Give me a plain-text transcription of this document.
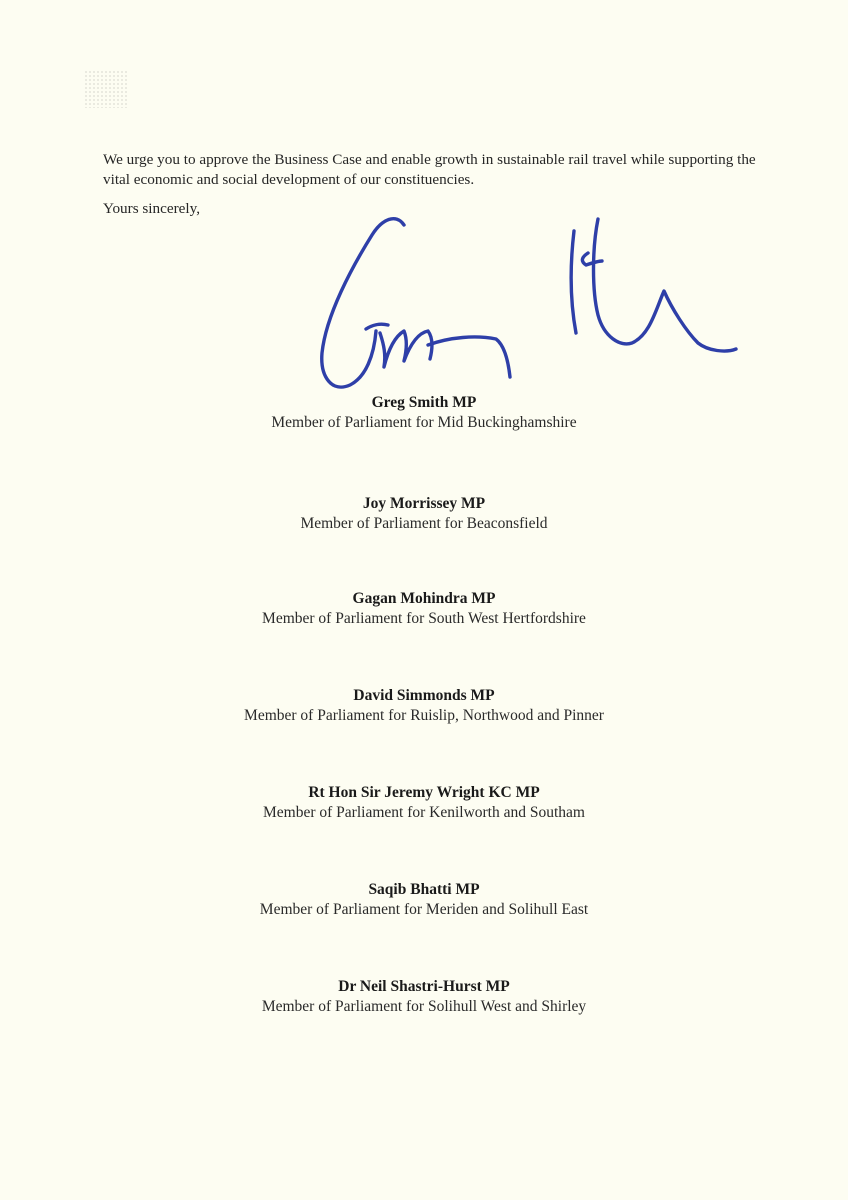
We urge you to approve the Business Case and enable growth in sustainable rail travel while supporting the vital economic and social development of our constituencies.

Yours sincerely,

Greg Smith MP
Member of Parliament for Mid Buckinghamshire
Joy Morrissey MP
Member of Parliament for Beaconsfield
Gagan Mohindra MP
Member of Parliament for South West Hertfordshire
David Simmonds MP
Member of Parliament for Ruislip, Northwood and Pinner
Rt Hon Sir Jeremy Wright KC MP
Member of Parliament for Kenilworth and Southam
Saqib Bhatti MP
Member of Parliament for Meriden and Solihull East
Dr Neil Shastri-Hurst MP
Member of Parliament for Solihull West and Shirley
